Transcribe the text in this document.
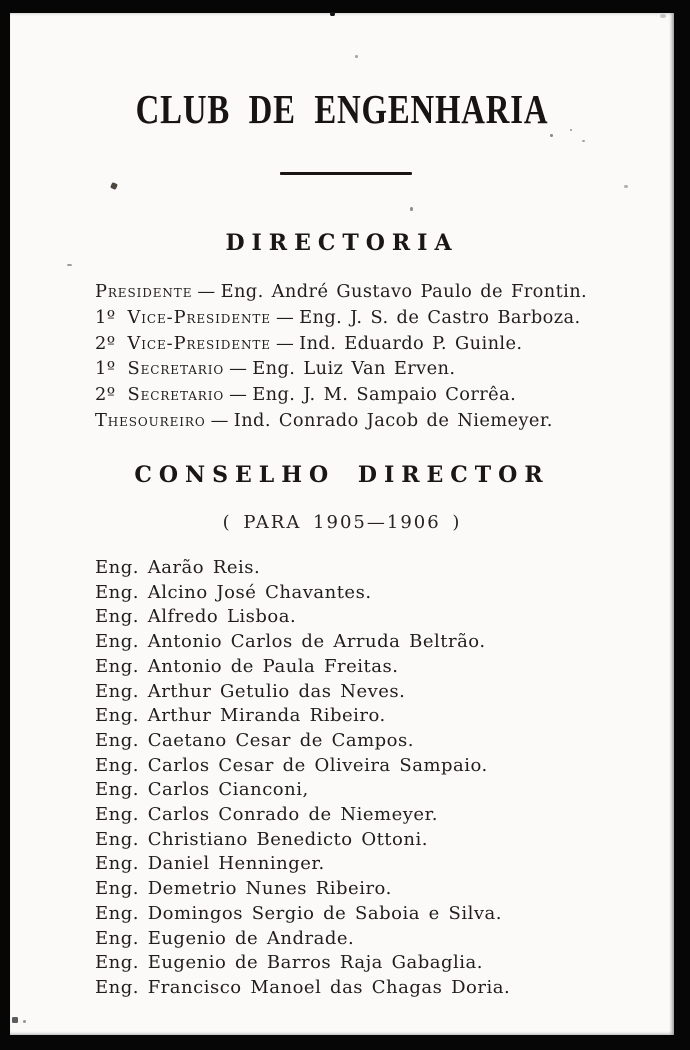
CLUB DE ENGENHARIA
DIRECTORIA
Presidente — Eng. André Gustavo Paulo de Frontin.
1º Vice-Presidente — Eng. J. S. de Castro Barboza.
2º Vice-Presidente — Ind. Eduardo P. Guinle.
1º Secretario — Eng. Luiz Van Erven.
2º Secretario — Eng. J. M. Sampaio Corrêa.
Thesoureiro — Ind. Conrado Jacob de Niemeyer.
CONSELHO DIRECTOR
( PARA 1905—1906 )
Eng. Aarão Reis.
Eng. Alcino José Chavantes.
Eng. Alfredo Lisboa.
Eng. Antonio Carlos de Arruda Beltrão.
Eng. Antonio de Paula Freitas.
Eng. Arthur Getulio das Neves.
Eng. Arthur Miranda Ribeiro.
Eng. Caetano Cesar de Campos.
Eng. Carlos Cesar de Oliveira Sampaio.
Eng. Carlos Cianconi,
Eng. Carlos Conrado de Niemeyer.
Eng. Christiano Benedicto Ottoni.
Eng. Daniel Henninger.
Eng. Demetrio Nunes Ribeiro.
Eng. Domingos Sergio de Saboia e Silva.
Eng. Eugenio de Andrade.
Eng. Eugenio de Barros Raja Gabaglia.
Eng. Francisco Manoel das Chagas Doria.
